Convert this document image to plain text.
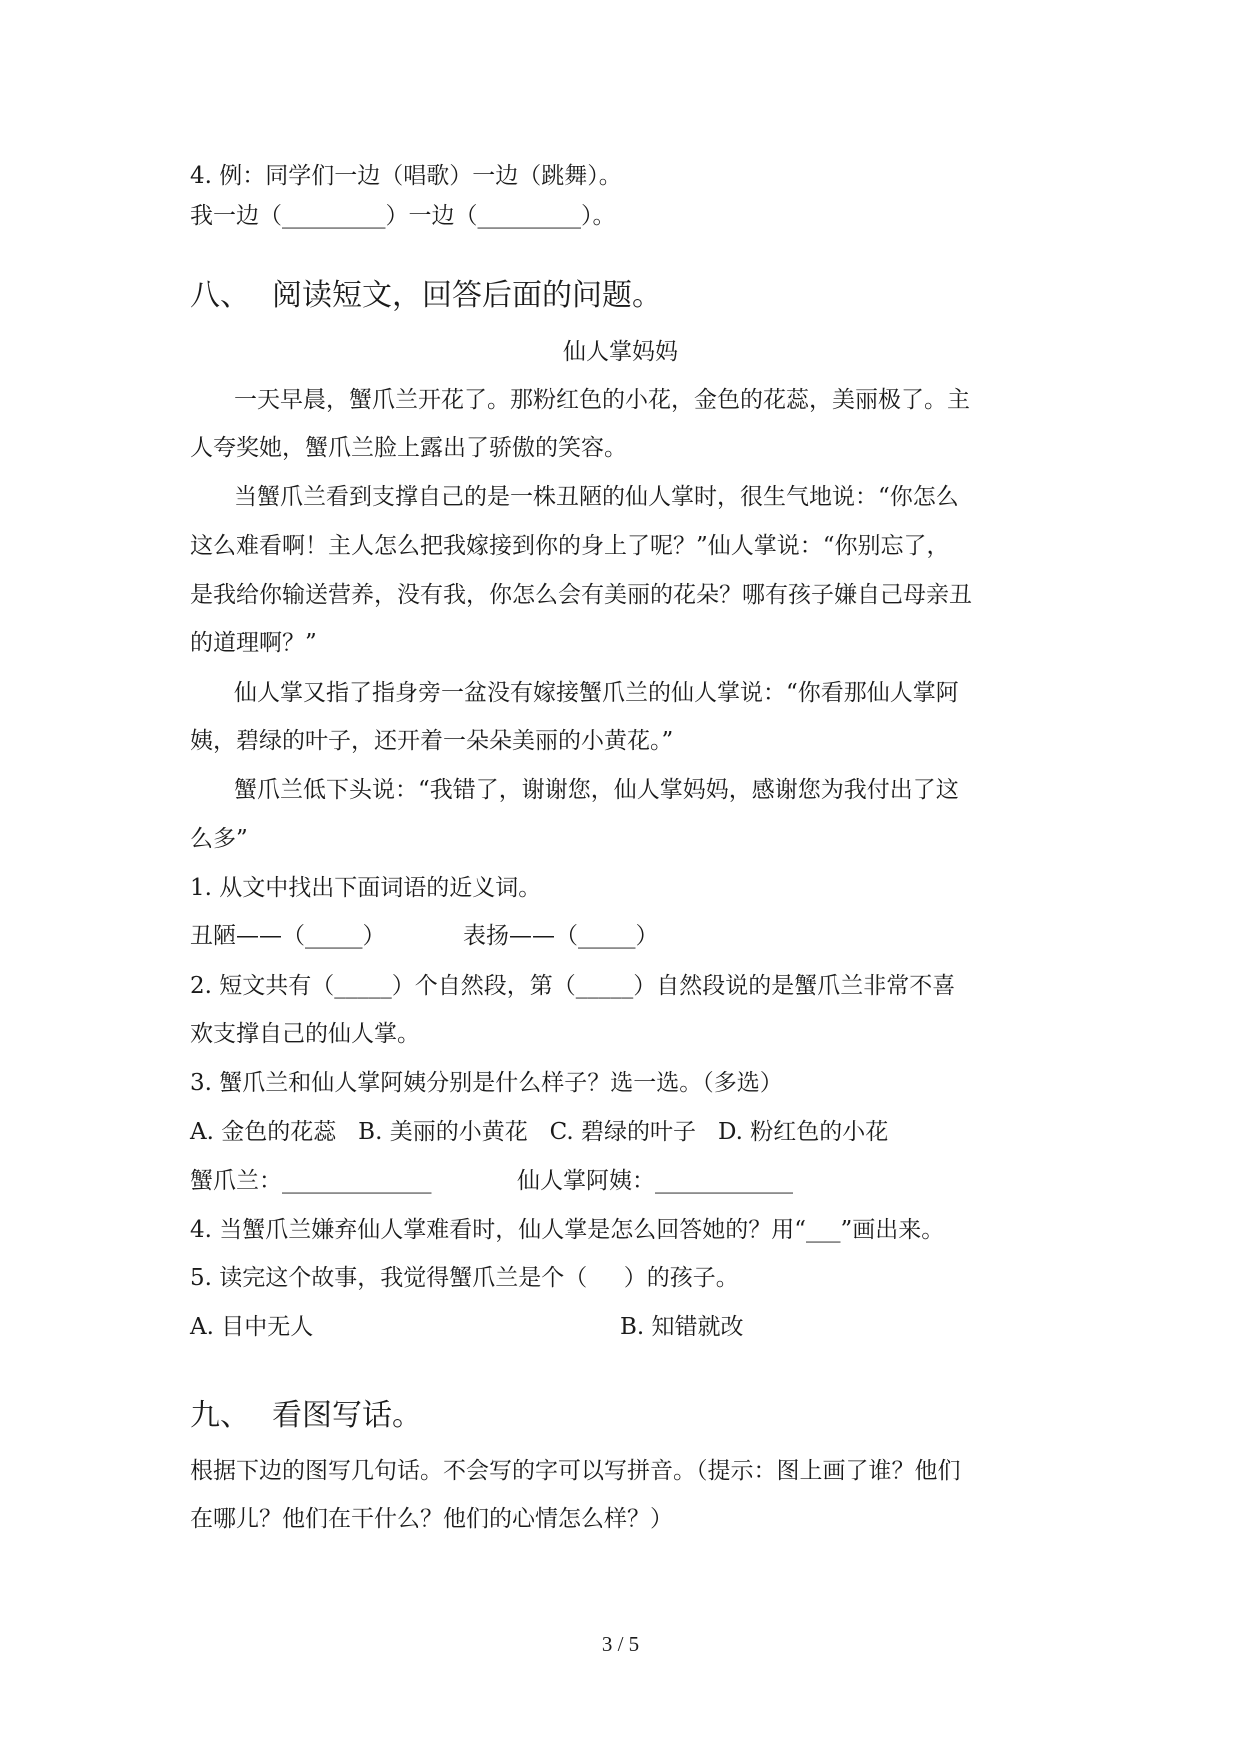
4. 例：同学们一边（唱歌）一边（跳舞）。
我一边（_________）一边（_________）。
八、 阅读短文，回答后面的问题。
仙人掌妈妈
一天早晨，蟹爪兰开花了。那粉红色的小花，金色的花蕊，美丽极了。主
人夸奖她，蟹爪兰脸上露出了骄傲的笑容。
当蟹爪兰看到支撑自己的是一株丑陋的仙人掌时，很生气地说：“你怎么
这么难看啊！主人怎么把我嫁接到你的身上了呢？”仙人掌说：“你别忘了，
是我给你输送营养，没有我，你怎么会有美丽的花朵？哪有孩子嫌自己母亲丑
的道理啊？”
仙人掌又指了指身旁一盆没有嫁接蟹爪兰的仙人掌说：“你看那仙人掌阿
姨，碧绿的叶子，还开着一朵朵美丽的小黄花。”
蟹爪兰低下头说：“我错了，谢谢您，仙人掌妈妈，感谢您为我付出了这
么多”
1. 从文中找出下面词语的近义词。
丑陋——（_____）	表扬——（_____）
2. 短文共有（_____）个自然段，第（_____）自然段说的是蟹爪兰非常不喜
欢支撑自己的仙人掌。
3. 蟹爪兰和仙人掌阿姨分别是什么样子？选一选。（多选）
A. 金色的花蕊   B. 美丽的小黄花   C. 碧绿的叶子   D. 粉红色的小花
蟹爪兰：_____________	仙人掌阿姨：____________
4. 当蟹爪兰嫌弃仙人掌难看时，仙人掌是怎么回答她的？用“___”画出来。
5. 读完这个故事，我觉得蟹爪兰是个（     ）的孩子。
A. 目中无人	B. 知错就改
九、 看图写话。
根据下边的图写几句话。不会写的字可以写拼音。（提示：图上画了谁？他们
在哪儿？他们在干什么？他们的心情怎么样？）
3 / 5
